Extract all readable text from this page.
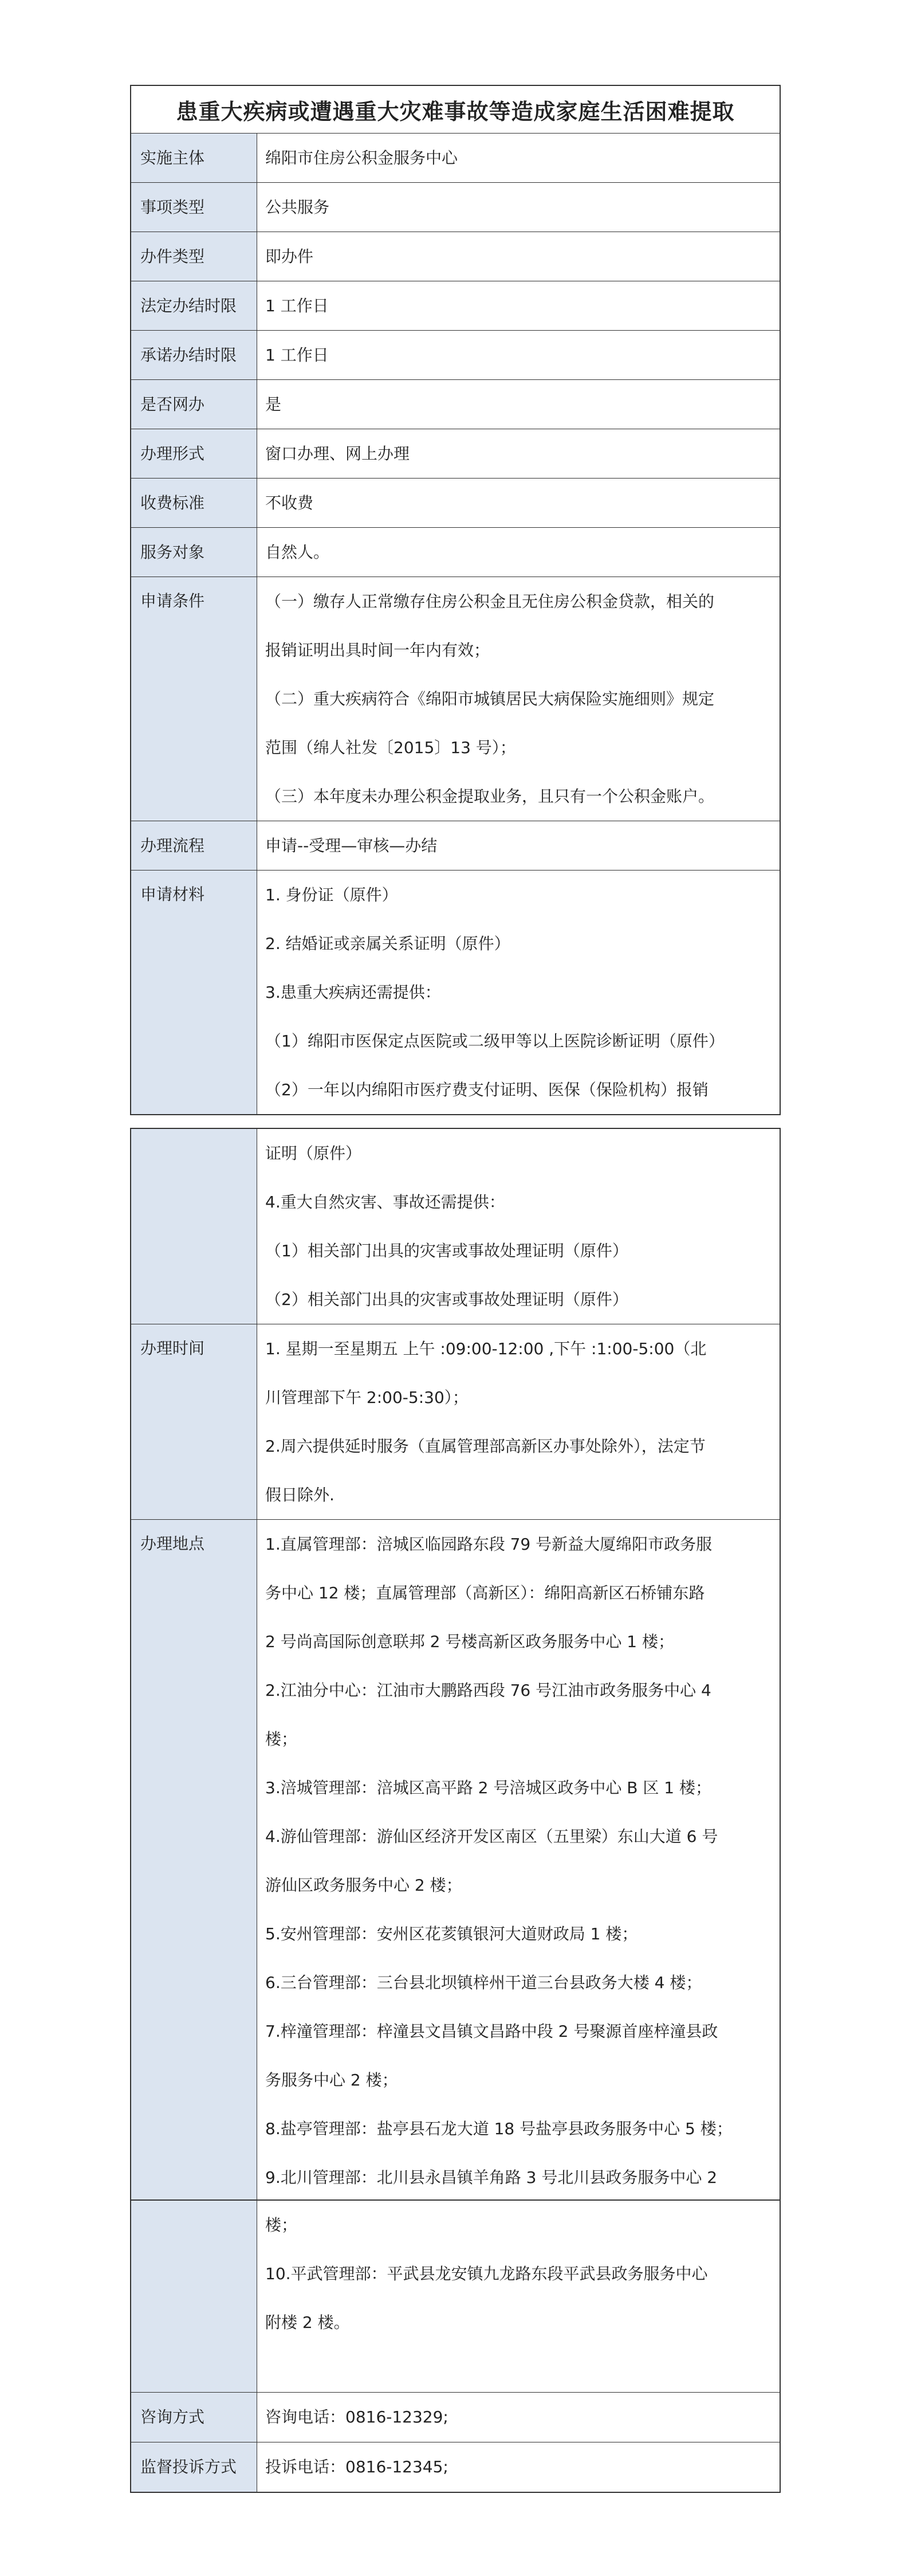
患重大疾病或遭遇重大灾难事故等造成家庭生活困难提取
实施主体	绵阳市住房公积金服务中心
事项类型	公共服务
办件类型	即办件
法定办结时限	1 工作日
承诺办结时限	1 工作日
是否网办	是
办理形式	窗口办理、网上办理
收费标准	不收费
服务对象	自然人。
申请条件	（一）缴存人正常缴存住房公积金且无住房公积金贷款，相关的
报销证明出具时间一年内有效；
（二）重大疾病符合《绵阳市城镇居民大病保险实施细则》规定
范围（绵人社发〔2015〕13 号）；
（三）本年度未办理公积金提取业务，且只有一个公积金账户。
办理流程	申请--受理—审核—办结
申请材料	1. 身份证（原件）
2. 结婚证或亲属关系证明（原件）
3.患重大疾病还需提供：
（1）绵阳市医保定点医院或二级甲等以上医院诊断证明（原件）
（2）一年以内绵阳市医疗费支付证明、医保（保险机构）报销
证明（原件）
4.重大自然灾害、事故还需提供：
（1）相关部门出具的灾害或事故处理证明（原件）
（2）相关部门出具的灾害或事故处理证明（原件）
办理时间	1. 星期一至星期五 上午 :09:00-12:00 ,下午 :1:00-5:00（北
川管理部下午 2:00-5:30）；
2.周六提供延时服务（直属管理部高新区办事处除外），法定节
假日除外.
办理地点	1.直属管理部：涪城区临园路东段 79 号新益大厦绵阳市政务服
务中心 12 楼；直属管理部（高新区）：绵阳高新区石桥铺东路
2 号尚高国际创意联邦 2 号楼高新区政务服务中心 1 楼；
2.江油分中心：江油市大鹏路西段 76 号江油市政务服务中心 4
楼；
3.涪城管理部：涪城区高平路 2 号涪城区政务中心 B 区 1 楼；
4.游仙管理部：游仙区经济开发区南区（五里梁）东山大道 6 号
游仙区政务服务中心 2 楼；
5.安州管理部：安州区花荄镇银河大道财政局 1 楼；
6.三台管理部：三台县北坝镇梓州干道三台县政务大楼 4 楼；
7.梓潼管理部：梓潼县文昌镇文昌路中段 2 号聚源首座梓潼县政
务服务中心 2 楼；
8.盐亭管理部：盐亭县石龙大道 18 号盐亭县政务服务中心 5 楼；
9.北川管理部：北川县永昌镇羊角路 3 号北川县政务服务中心 2
楼；
10.平武管理部：平武县龙安镇九龙路东段平武县政务服务中心
附楼 2 楼。
咨询方式	咨询电话：0816-12329;
监督投诉方式	投诉电话：0816-12345;
